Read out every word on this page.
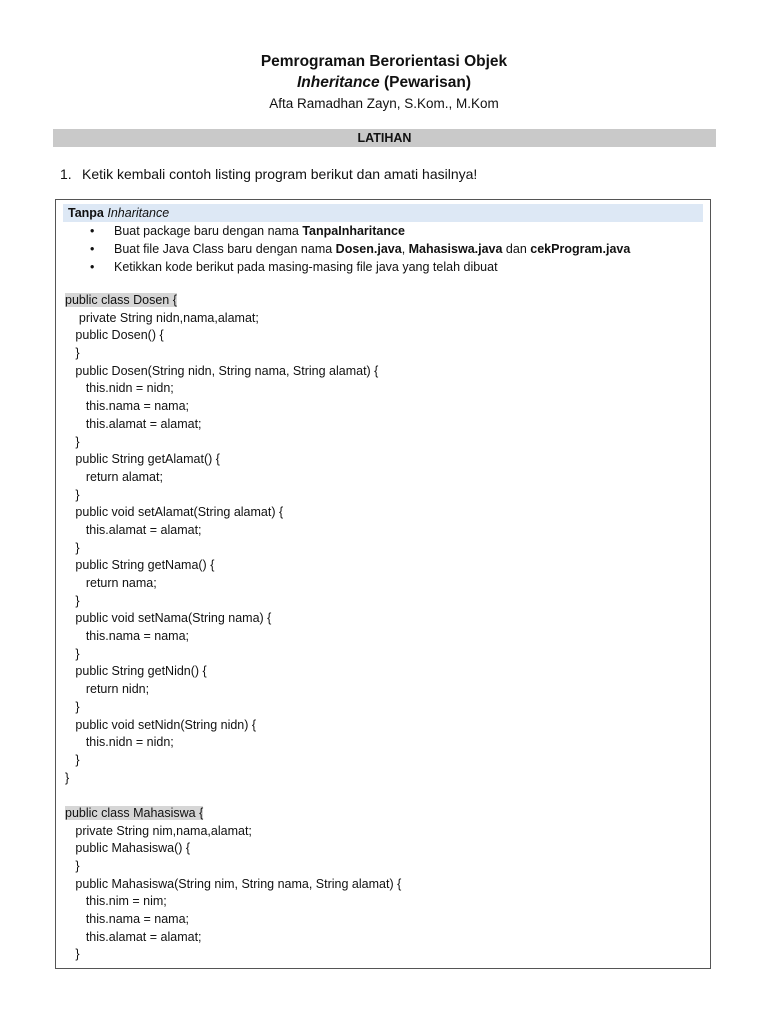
Pemrograman Berorientasi Objek
Inheritance (Pewarisan)
Afta Ramadhan Zayn, S.Kom., M.Kom
LATIHAN
1. Ketik kembali contoh listing program berikut dan amati hasilnya!
Tanpa Inharitance
• Buat package baru dengan nama TanpaInharitance
• Buat file Java Class baru dengan nama Dosen.java, Mahasiswa.java dan cekProgram.java
• Ketikkan kode berikut pada masing-masing file java yang telah dibuat
public class Dosen {
private String nidn,nama,alamat;
public Dosen() {
}
public Dosen(String nidn, String nama, String alamat) {
this.nidn = nidn;
this.nama = nama;
this.alamat = alamat;
}
public String getAlamat() {
return alamat;
}
public void setAlamat(String alamat) {
this.alamat = alamat;
}
public String getNama() {
return nama;
}
public void setNama(String nama) {
this.nama = nama;
}
public String getNidn() {
return nidn;
}
public void setNidn(String nidn) {
this.nidn = nidn;
}
}
public class Mahasiswa {
private String nim,nama,alamat;
public Mahasiswa() {
}
public Mahasiswa(String nim, String nama, String alamat) {
this.nim = nim;
this.nama = nama;
this.alamat = alamat;
}
